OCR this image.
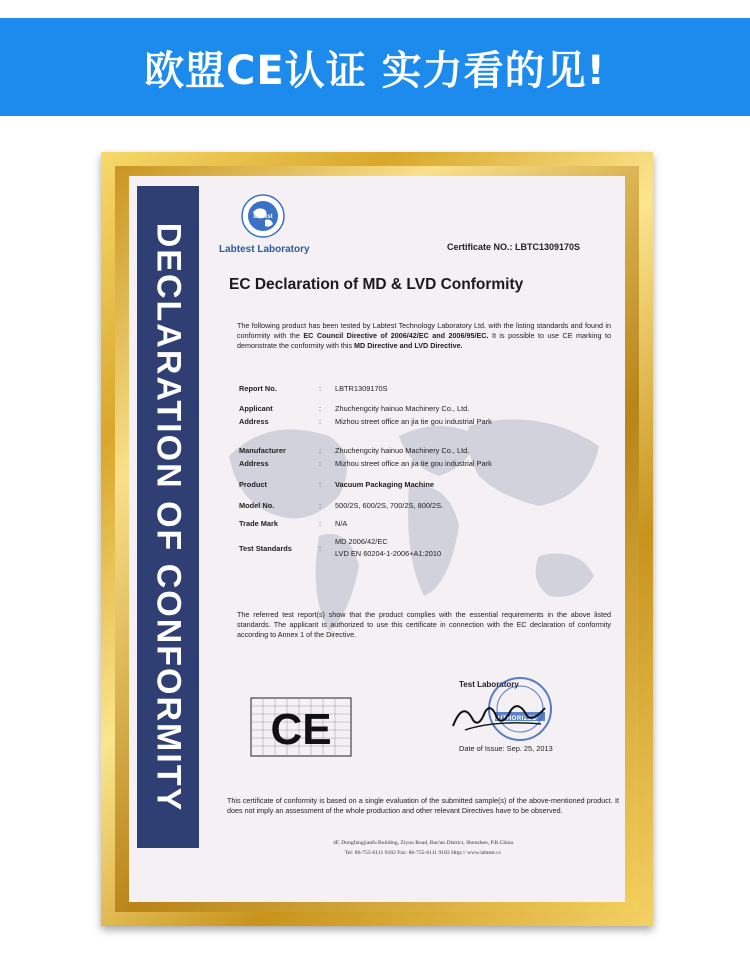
欧盟CE认证 实力看的见!
DECLARATION OF CONFORMITY
labtest
Labtest Laboratory	Certificate NO.: LBTC1309170S
EC Declaration of MD & LVD Conformity
The following product has been tested by Labtest Technology Laboratory Ltd. with the listing standards and found in conformity with the EC Council Directive of 2006/42/EC and 2006/95/EC. It is possible to use CE marking to demonstrate the conformity with this MD Directive and LVD Directive.
Report No.	: LBTR1309170S
Applicant	: Zhuchengcity hainuo Machinery Co., Ltd.
Address	: Mizhou street office an jia tie gou industrial Park
Manufacturer	: Zhuchengcity hainuo Machinery Co., Ltd.
Address	: Mizhou street office an jia tie gou industrial Park
Product	: Vacuum Packaging Machine
Model No.	: 500/2S, 600/2S, 700/2S, 800/2S.
Trade Mark	: N/A
Test Standards	:
MD 2006/42/EC
LVD EN 60204-1-2006+A1:2010
The referred test report(s) show that the product complies with the essential requirements in the above listed standards. The applicant is authorized to use this certificate in connection with the EC declaration of conformity according to Annex 1 of the Directive.
CE
Test Laboratory
AUTHORIZED
Date of Issue: Sep. 25, 2013
This certificate of conformity is based on a single evaluation of the submitted sample(s) of the above-mentioned product. It does not imply an assessment of the whole production and other relevant Directives have to be observed.
4F, Dongfangjianfu Building, Ziyou Road, Bao'an District, Shenzhen, P.R.China
Tel: 86-755-6111 9182 Fax: 86-755-6111 9183 Http:// www.labtest.cc
